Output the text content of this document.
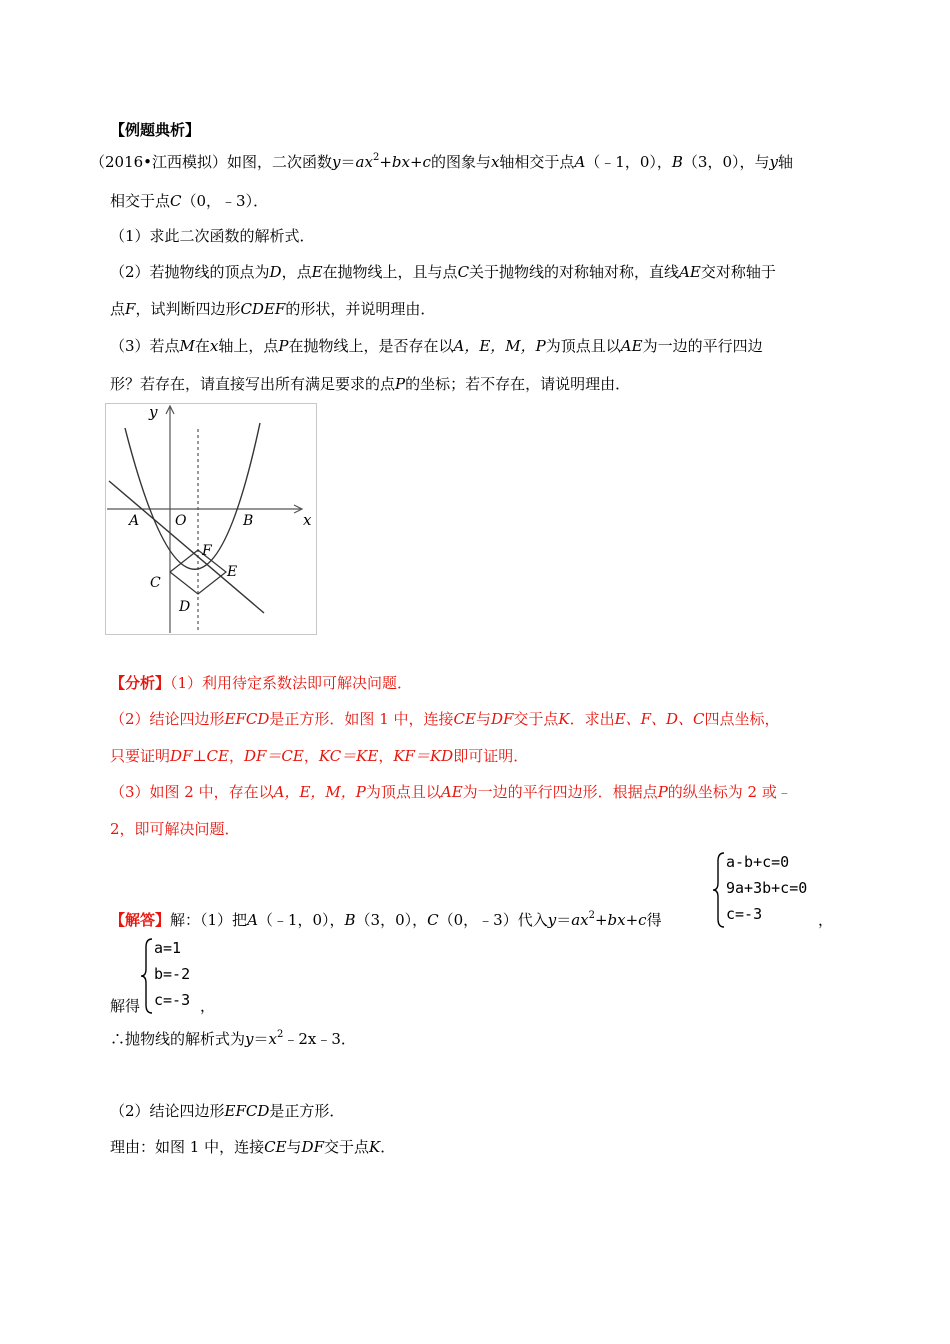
【例题典析】
（2016•江西模拟）如图，二次函数$y=ax^2+bx+c$的图象与x轴相交于点A（﹣1，0），B（3，0），与y轴
相交于点C（0，﹣3）．
（1）求此二次函数的解析式．
（2）若抛物线的顶点为D，点E在抛物线上，且与点C关于抛物线的对称轴对称，直线AE交对称轴于
点F，试判断四边形CDEF的形状，并说明理由．
（3）若点M在x轴上，点P在抛物线上，是否存在以A，E，M，P为顶点且以AE为一边的平行四边
形？若存在，请直接写出所有满足要求的点P的坐标；若不存在，请说明理由．
y
x
A	O	B
F
C
E
D
【分析】（1）利用待定系数法即可解决问题．
（2）结论四边形EFCD是正方形．如图 1 中，连接CE与DF交于点K．求出E、F、D、C四点坐标，
只要证明DF⊥CE，DF＝CE，KC＝KE，KF＝KD即可证明．
（3）如图 2 中，存在以A，E，M，P为顶点且以AE为一边的平行四边形．根据点P的纵坐标为 2 或﹣
2，即可解决问题．
【解答】解：（1）把A（﹣1，0），B（3，0），C（0，﹣3）代入$y=ax^2+bx+c$得
a-b+c=0
9a+3b+c=0
c=-3	，
解得
a=1
b=-2
c=-3 ，
∴抛物线的解析式为$y=x^2﹣2x﹣3$．
（2）结论四边形EFCD是正方形．
理由：如图 1 中，连接CE与DF交于点K．
